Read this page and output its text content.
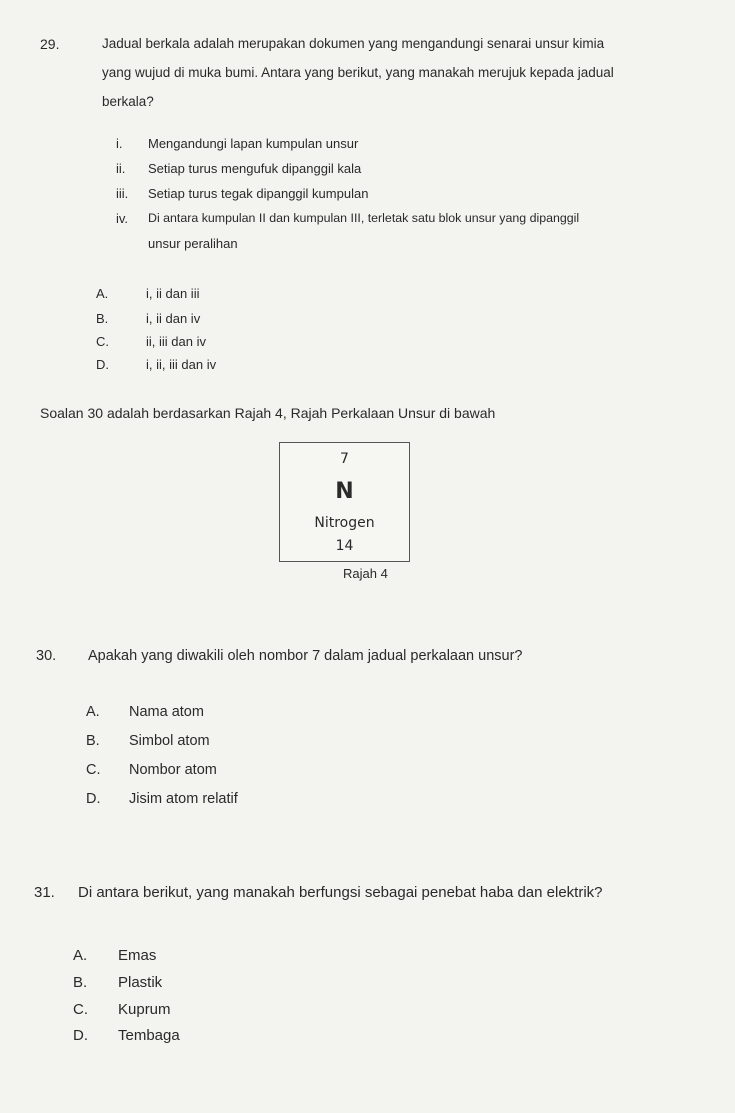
29.	Jadual berkala adalah merupakan dokumen yang mengandungi senarai unsur kimia
yang wujud di muka bumi. Antara yang berikut, yang manakah merujuk kepada jadual
berkala?
i. Mengandungi lapan kumpulan unsur
ii. Setiap turus mengufuk dipanggil kala
iii. Setiap turus tegak dipanggil kumpulan
iv. Di antara kumpulan II dan kumpulan III, terletak satu blok unsur yang dipanggil
unsur peralihan
A.	i, ii dan iii
B.	i, ii dan iv
C.	ii, iii dan iv
D.	i, ii, iii dan iv
Soalan 30 adalah berdasarkan Rajah 4, Rajah Perkalaan Unsur di bawah
7
N
Nitrogen
14
Rajah 4
30. Apakah yang diwakili oleh nombor 7 dalam jadual perkalaan unsur?
A. Nama atom
B. Simbol atom
C. Nombor atom
D. Jisim atom relatif
31. Di antara berikut, yang manakah berfungsi sebagai penebat haba dan elektrik?
A. Emas
B. Plastik
C. Kuprum
D. Tembaga
